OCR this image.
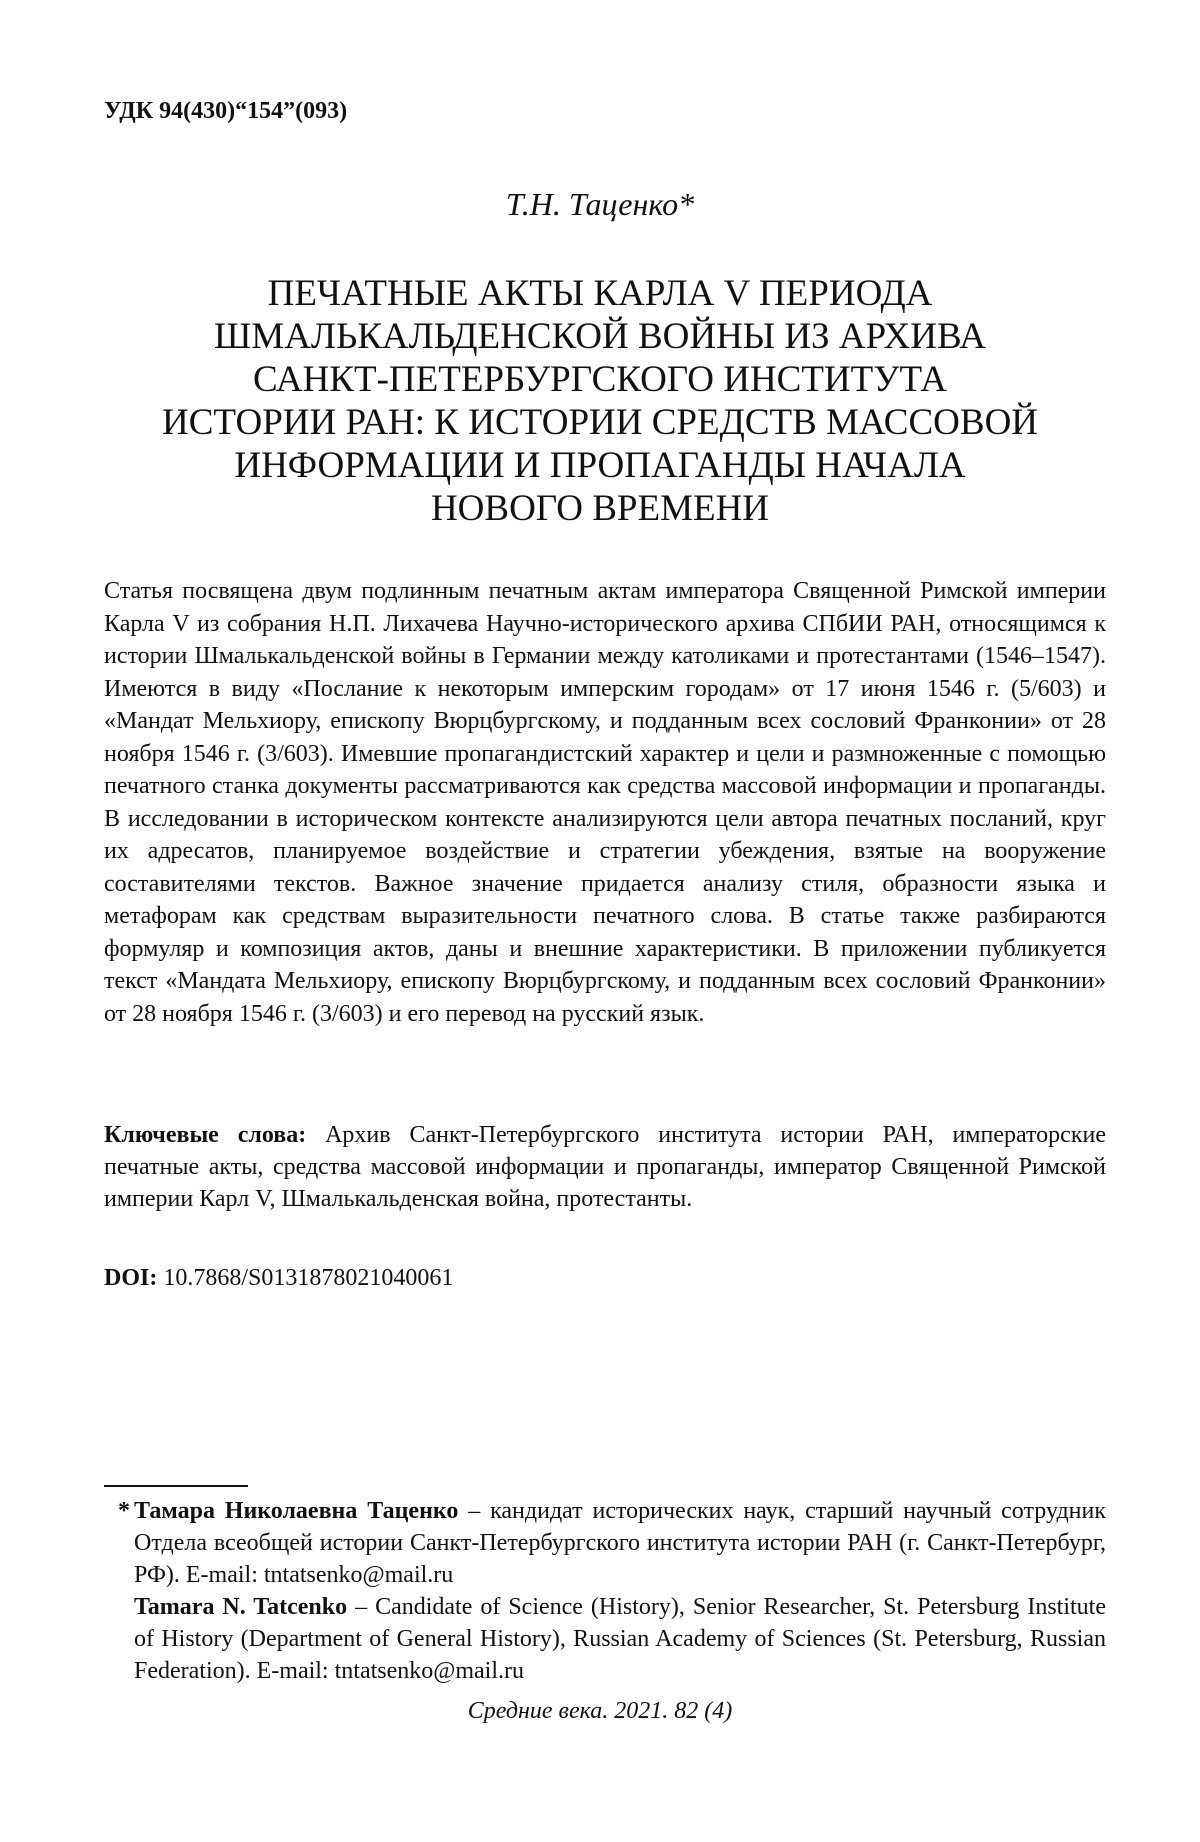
УДК 94(430)“154”(093)
Т.Н. Таценко*
ПЕЧАТНЫЕ АКТЫ КАРЛА V ПЕРИОДА
ШМАЛЬКАЛЬДЕНСКОЙ ВОЙНЫ ИЗ АРХИВА
САНКТ-ПЕТЕРБУРГСКОГО ИНСТИТУТА
ИСТОРИИ РАН: К ИСТОРИИ СРЕДСТВ МАССОВОЙ
ИНФОРМАЦИИ И ПРОПАГАНДЫ НАЧАЛА
НОВОГО ВРЕМЕНИ
Статья посвящена двум подлинным печатным актам императора Священной Римской империи Карла V из собрания Н.П. Лихачева Научно-исторического архива СПбИИ РАН, относящимся к истории Шмалькальденской войны в Германии между католиками и протестантами (1546–1547). Имеются в виду «Послание к некоторым имперским городам» от 17 июня 1546 г. (5/603) и «Мандат Мельхиору, епископу Вюрцбургскому, и подданным всех сословий Франконии» от 28 ноября 1546 г. (3/603). Имевшие пропагандистский характер и цели и размноженные с помощью печатного станка документы рассматриваются как средства массовой информации и пропаганды. В исследовании в историческом контексте анализируются цели автора печатных посланий, круг их адресатов, планируемое воздействие и стратегии убеждения, взятые на вооружение составителями текстов. Важное значение придается анализу стиля, образности языка и метафорам как средствам выразительности печатного слова. В статье также разбираются формуляр и композиция актов, даны и внешние характеристики. В приложении публикуется текст «Мандата Мельхиору, епископу Вюрцбургскому, и подданным всех сословий Франконии» от 28 ноября 1546 г. (3/603) и его перевод на русский язык.
Ключевые слова: Архив Санкт-Петербургского института истории РАН, императорские печатные акты, средства массовой информации и пропаганды, император Священной Римской империи Карл V, Шмалькальденская война, протестанты.
DOI: 10.7868/S0131878021040061
* Тамара Николаевна Таценко – кандидат исторических наук, старший научный сотрудник Отдела всеобщей истории Санкт-Петербургского института истории РАН (г. Санкт-Петербург, РФ). E-mail: tntatsenko@mail.ru
Tamara N. Tatcenko – Candidate of Science (History), Senior Researcher, St. Petersburg Institute of History (Department of General History), Russian Academy of Sciences (St. Petersburg, Russian Federation). E-mail: tntatsenko@mail.ru
Средние века. 2021. 82 (4)
